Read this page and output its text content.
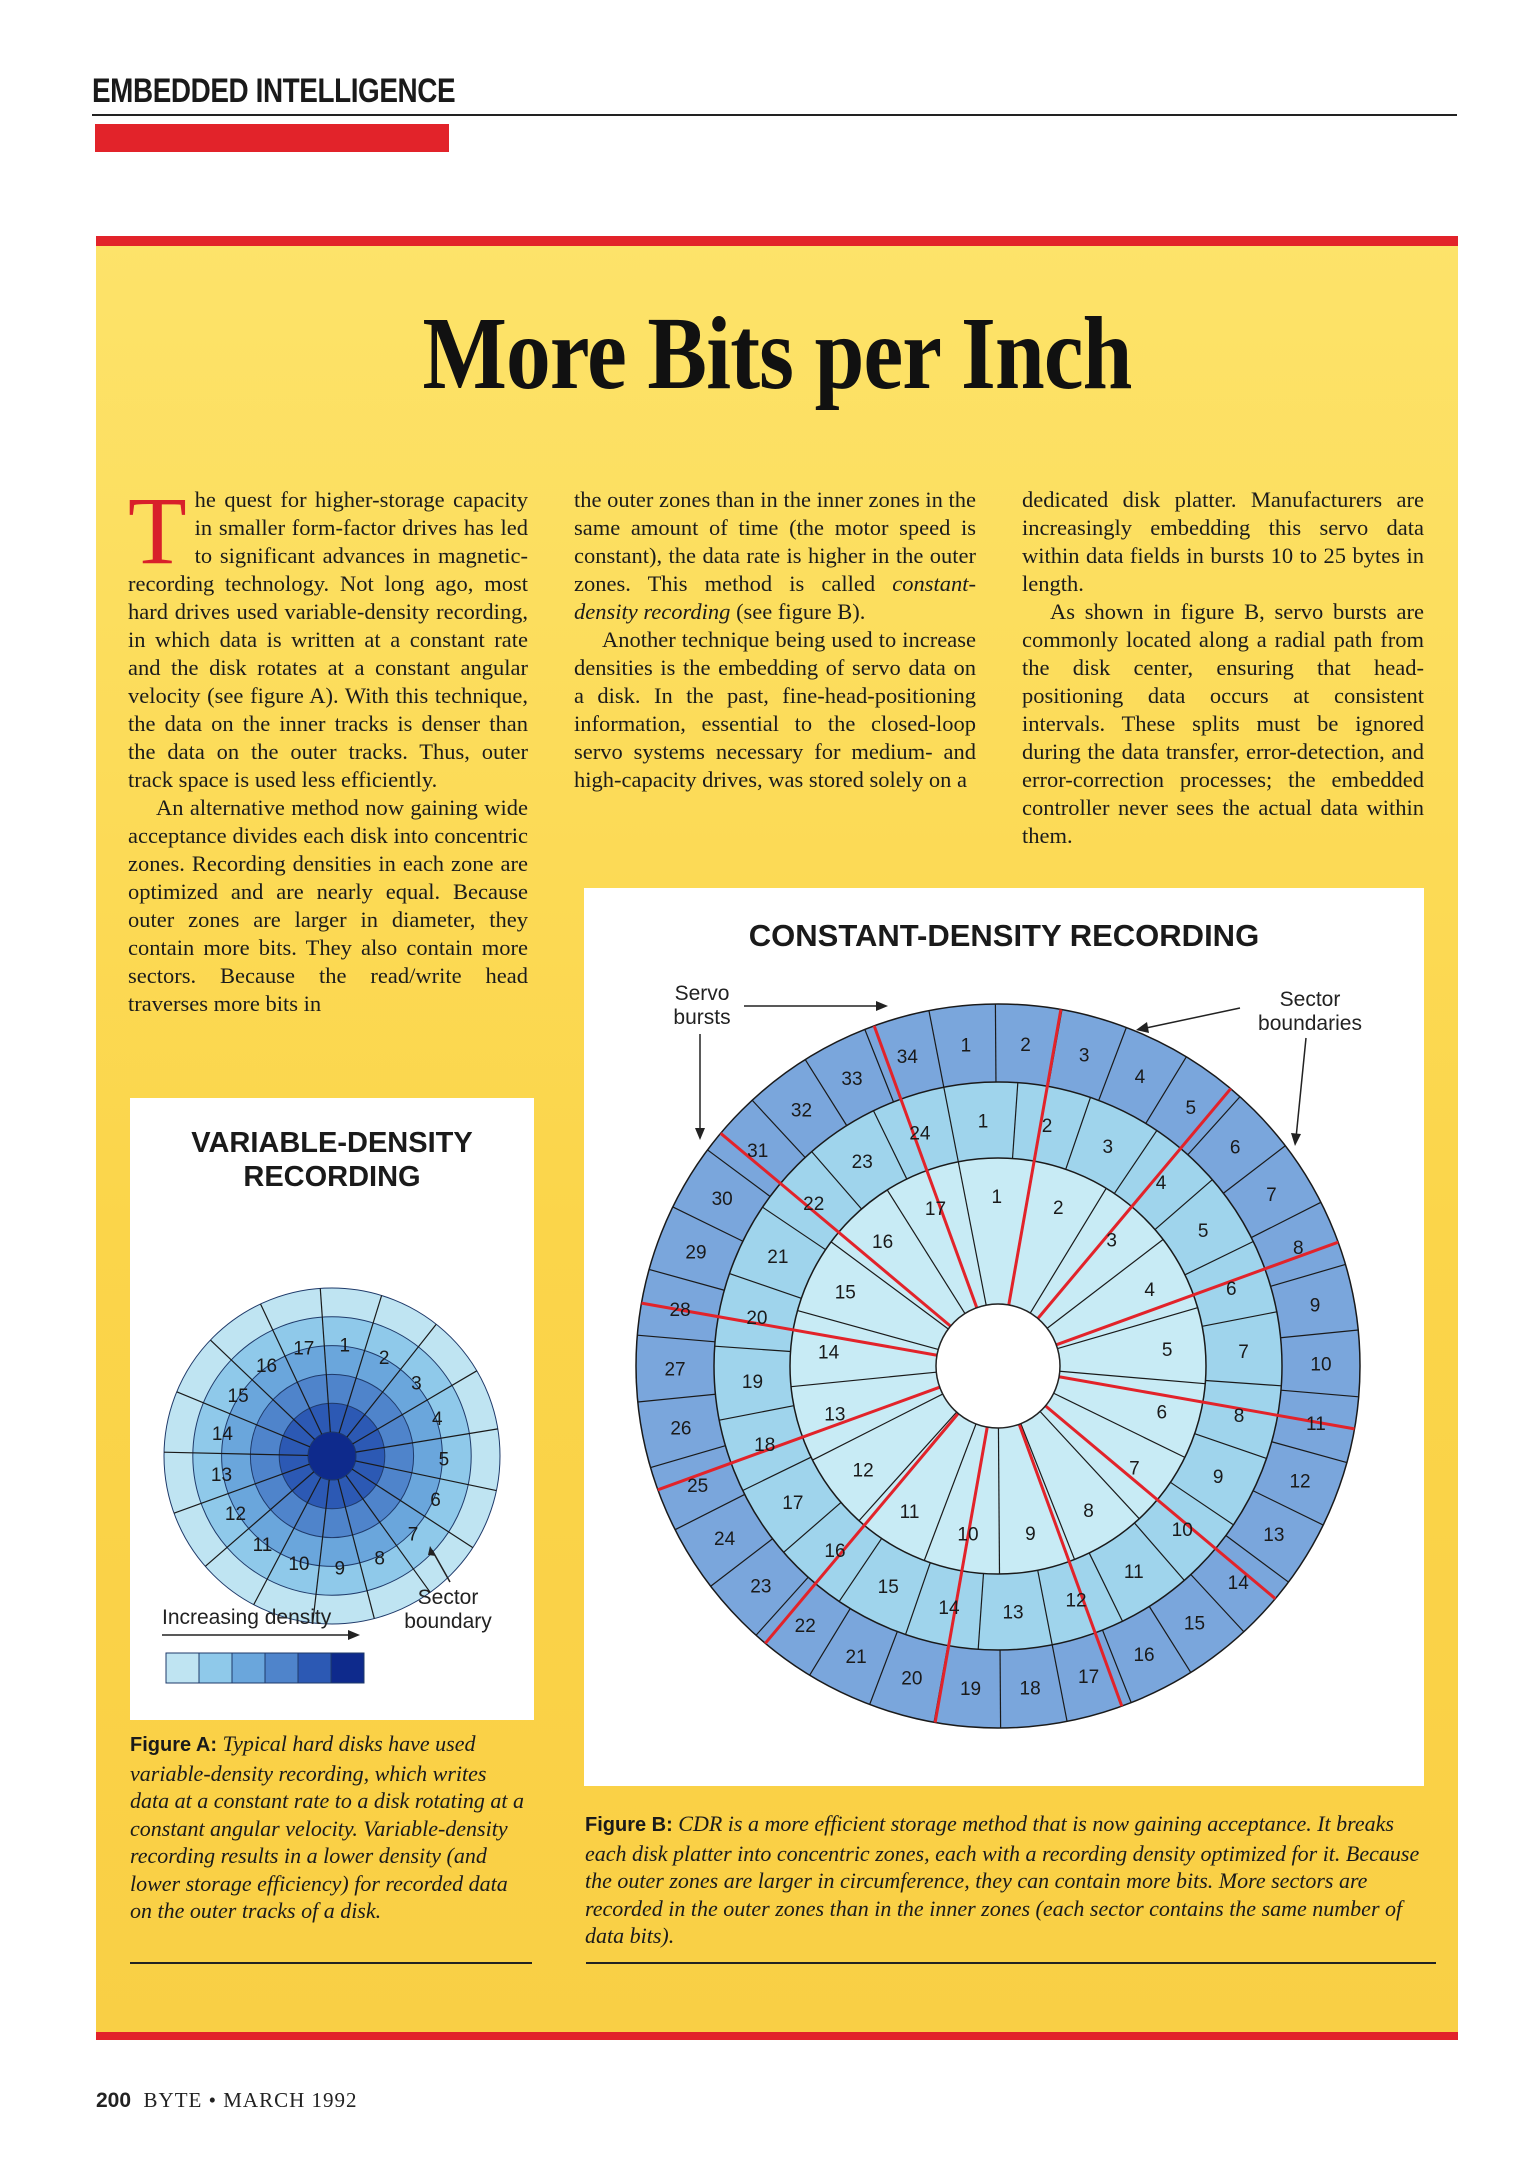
EMBEDDED INTELLIGENCE
More Bits per Inch

The quest for higher-storage capacity in smaller form-factor drives has led to significant advances in magnetic-recording technology. Not long ago, most hard drives used variable-density recording, in which data is written at a constant rate and the disk rotates at a constant angular velocity (see figure A). With this technique, the data on the inner tracks is denser than the data on the outer tracks. Thus, outer track space is used less efficiently.

An alternative method now gaining wide acceptance divides each disk into concentric zones. Recording densities in each zone are optimized and are nearly equal. Because outer zones are larger in diameter, they contain more bits. They also contain more sectors. Because the read/write head traverses more bits in

the outer zones than in the inner zones in the same amount of time (the motor speed is constant), the data rate is higher in the outer zones. This method is called constant-density recording (see figure B).

Another technique being used to increase densities is the embedding of servo data on a disk. In the past, fine-head-positioning information, essential to the closed-loop servo systems necessary for medium- and high-capacity drives, was stored solely on a

dedicated disk platter. Manufacturers are increasingly embedding this servo data within data fields in bursts 10 to 25 bytes in length.

As shown in figure B, servo bursts are commonly located along a radial path from the disk center, ensuring that head-positioning data occurs at consistent intervals. These splits must be ignored during the data transfer, error-detection, and error-correction processes; the embedded controller never sees the actual data within them.

VARIABLE-DENSITY
RECORDING
1
2
3
4
5
6
7
8
9
10
11
12
13
14
15
16
17
Sector
boundary
Increasing density
CONSTANT-DENSITY RECORDING
1	2
3
4
5
6
7
8
9
10
11
12
13
14
15
16
17
18
19
20
21
22
23
24
25
26
27
28
29
30
31
32
33
34
1	2
3
4
5
6
7
8
9
10
11
12
13
14
15
16
17
18
19
20
21
22
23
24
1
2
3
4
5
6
7
8
9
10
11
12
13
14
15
16
17
Servo
bursts
Sector
boundaries
Figure A: Typical hard disks have used variable-density recording, which writes data at a constant rate to a disk rotating at a constant angular velocity. Variable-density recording results in a lower density (and lower storage efficiency) for recorded data on the outer tracks of a disk.
Figure B: CDR is a more efficient storage method that is now gaining acceptance. It breaks each disk platter into concentric zones, each with a recording density optimized for it. Because the outer zones are larger in circumference, they can contain more bits. More sectors are recorded in the outer zones than in the inner zones (each sector contains the same number of data bits).
200 BYTE • MARCH 1992
